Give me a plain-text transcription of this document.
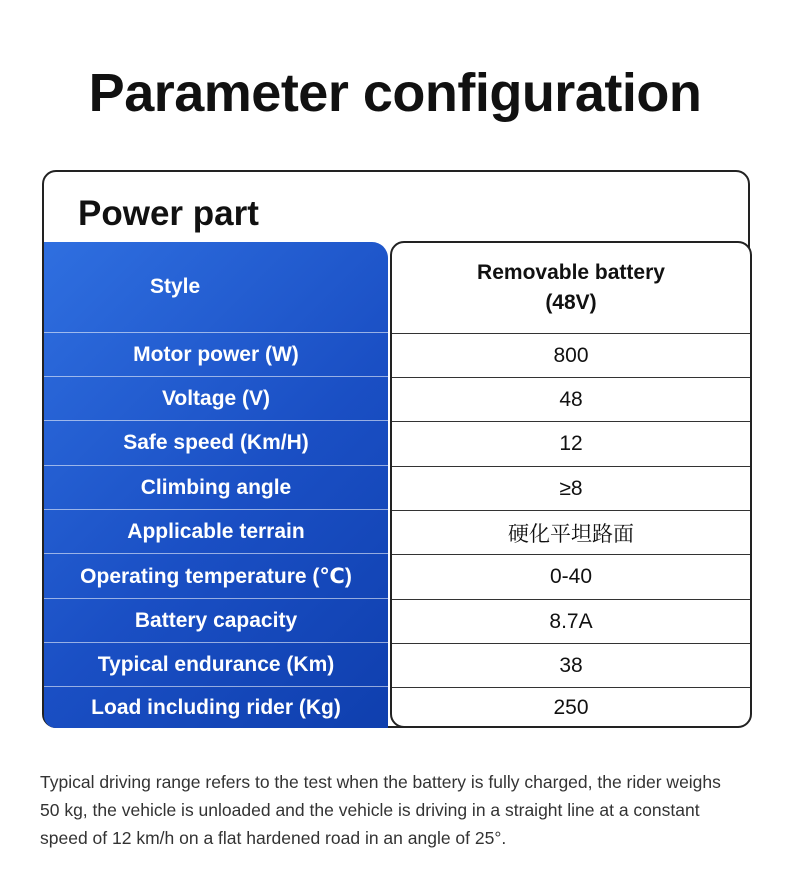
Parameter configuration
Power part
Style
Motor power (W)
Voltage (V)
Safe speed (Km/H)
Climbing angle
Applicable terrain
Operating temperature (℃)
Battery capacity
Typical endurance (Km)
Load including rider (Kg)
Removable battery
(48V)
800
48
12
≥8
硬化平坦路面
0-40
8.7A
38
250
Typical driving range refers to the test when the battery is fully charged, the rider weighs 50 kg, the vehicle is unloaded and the vehicle is driving in a straight line at a constant speed of 12 km/h on a flat hardened road in an angle of 25°.
